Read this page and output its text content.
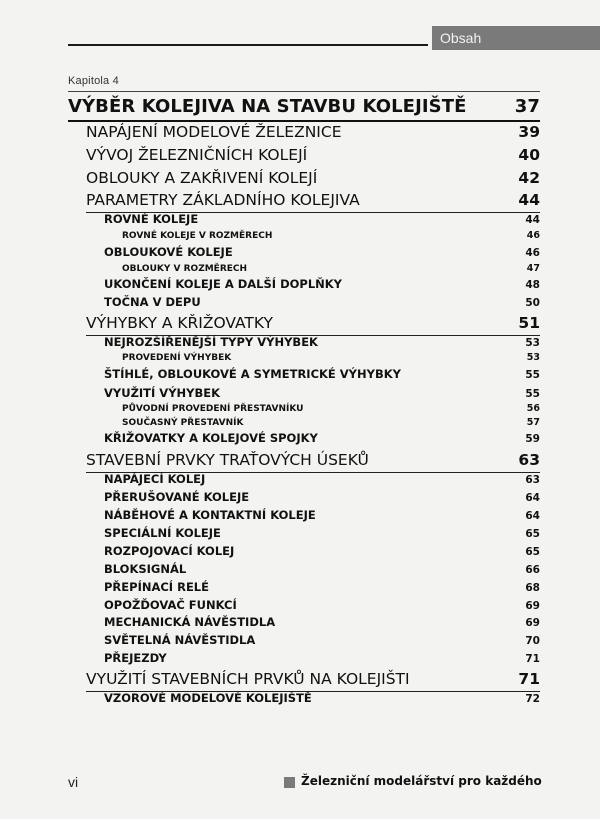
Obsah
Kapitola 4
VÝBĚR KOLEJIVA NA STAVBU KOLEJIŠTĚ	37
NAPÁJENÍ MODELOVÉ ŽELEZNICE	39
VÝVOJ ŽELEZNIČNÍCH KOLEJÍ	40
OBLOUKY A ZAKŘIVENÍ KOLEJÍ	42
PARAMETRY ZÁKLADNÍHO KOLEJIVA	44
ROVNÉ KOLEJE	44
ROVNÉ KOLEJE V ROZMĚRECH	46
OBLOUKOVÉ KOLEJE	46
OBLOUKY V ROZMĚRECH	47
UKONČENÍ KOLEJE A DALŠÍ DOPLŇKY	48
TOČNA V DEPU	50
VÝHYBKY A KŘIŽOVATKY	51
NEJROZŠÍŘENĚJŠÍ TYPY VÝHYBEK	53
PROVEDENÍ VÝHYBEK	53
ŠTÍHLÉ, OBLOUKOVÉ A SYMETRICKÉ VÝHYBKY	55
VYUŽITÍ VÝHYBEK	55
PŮVODNÍ PROVEDENÍ PŘESTAVNÍKU	56
SOUČASNÝ PŘESTAVNÍK	57
KŘIŽOVATKY A KOLEJOVÉ SPOJKY	59
STAVEBNÍ PRVKY TRAŤOVÝCH ÚSEKŮ	63
NAPÁJECÍ KOLEJ	63
PŘERUŠOVANÉ KOLEJE	64
NÁBĚHOVÉ A KONTAKTNÍ KOLEJE	64
SPECIÁLNÍ KOLEJE	65
ROZPOJOVACÍ KOLEJ	65
BLOKSIGNÁL	66
PŘEPÍNACÍ RELÉ	68
OPOŽĎOVAČ FUNKCÍ	69
MECHANICKÁ NÁVĚSTIDLA	69
SVĚTELNÁ NÁVĚSTIDLA	70
PŘEJEZDY	71
VYUŽITÍ STAVEBNÍCH PRVKŮ NA KOLEJIŠTI	71
VZOROVÉ MODELOVÉ KOLEJIŠTĚ	72
vi	Železniční modelářství pro každého
